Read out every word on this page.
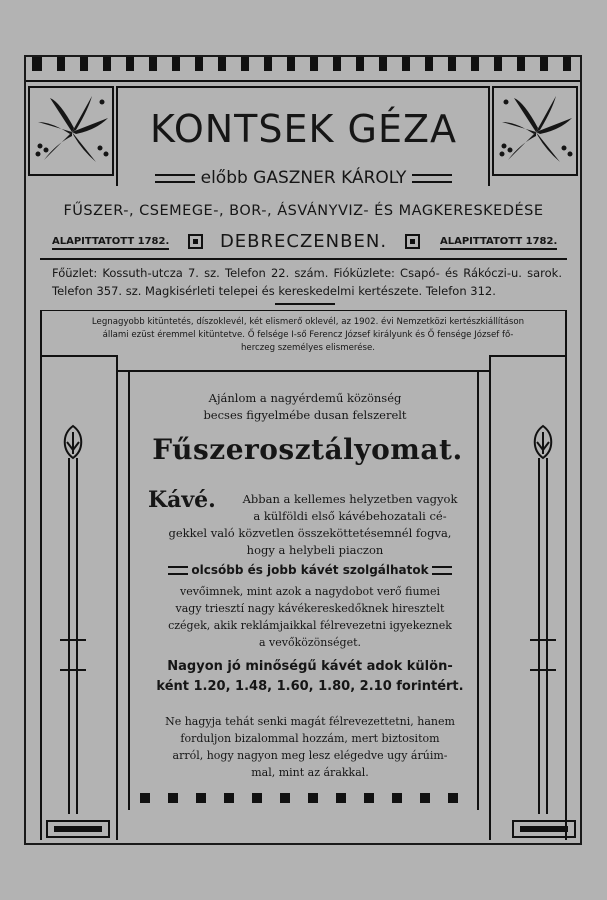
KONTSEK GÉZA
előbb GASZNER KÁROLY
FŰSZER-, CSEMEGE-, BOR-, ÁSVÁNYVIZ- ÉS MAGKERESKEDÉSE
ALAPITTATOTT 1782.	DEBRECZENBEN.	ALAPITTATOTT 1782.
Főüzlet: Kossuth-utcza 7. sz. Telefon 22. szám. Fióküzlete: Csapó- és Rákóczi-u. sarok. Telefon 357. sz. Magkisérleti telepei és kereskedelmi kertészete. Telefon 312.
Legnagyobb kitüntetés, díszoklevél, két elismerő oklevél, az 1902. évi Nemzetközi kertészkiállításon
állami ezüst éremmel kitüntetve. Ő felsége I-ső Ferencz József királyunk és Ő fensége József fő-
herczeg személyes elismerése.
Ajánlom a nagyérdemű közönség
becses figyelmébe dusan felszerelt
Fűszerosztályomat.
Kávé.	Abban a kellemes helyzetben vagyok
a külföldi első kávébehozatali cé-
gekkel való közvetlen összeköttetésemnél fogva,
hogy a helybeli piaczon
olcsóbb és jobb kávét szolgálhatok
vevőimnek, mint azok a nagydobot verő fiumei
vagy triesztí nagy kávékereskedőknek hiresztelt
czégek, akik reklámjaikkal félrevezetni igyekeznek
a vevőközönséget.
Nagyon jó minőségű kávét adok külön-
ként 1.20, 1.48, 1.60, 1.80, 2.10 forintért.
Ne hagyja tehát senki magát félrevezettetni, hanem
forduljon bizalommal hozzám, mert biztositom
arról, hogy nagyon meg lesz elégedve ugy árúim-
mal, mint az árakkal.
